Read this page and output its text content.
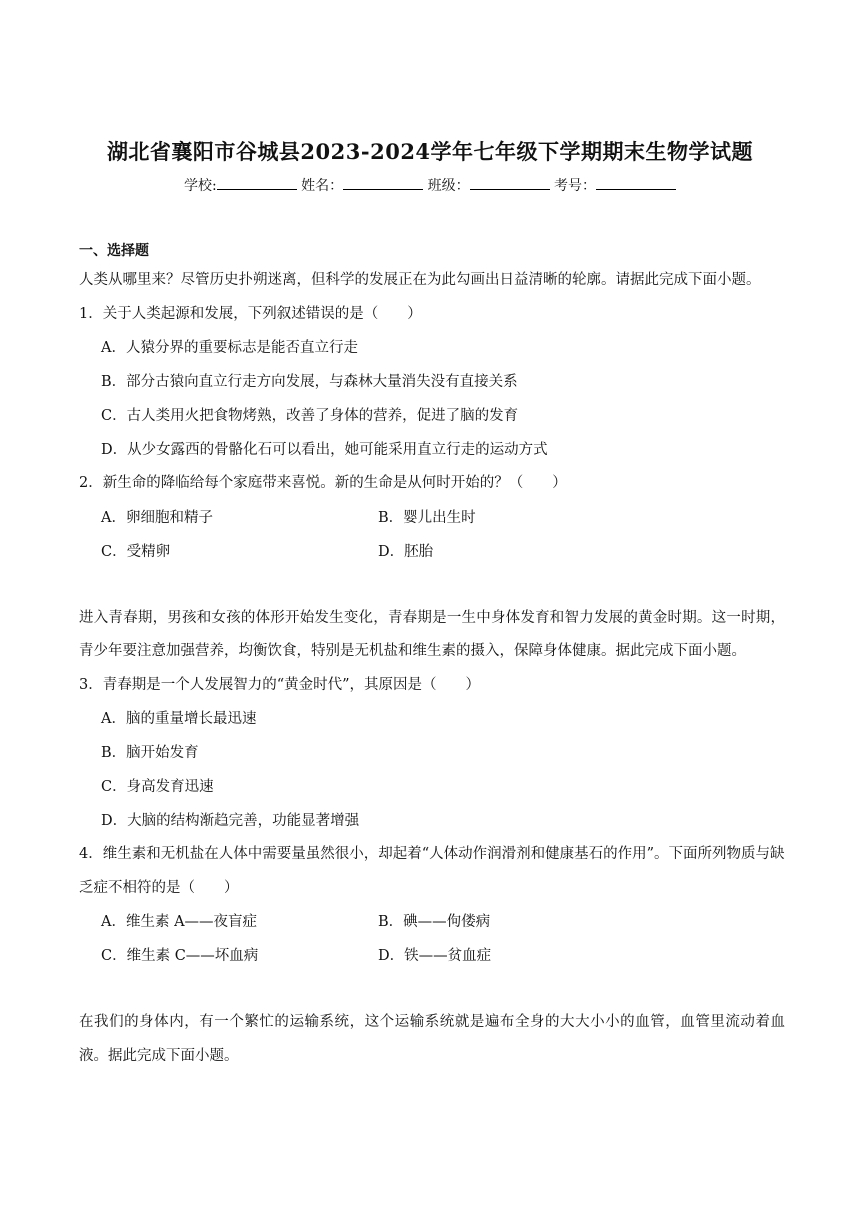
湖北省襄阳市谷城县2023-2024学年七年级下学期期末生物学试题
学校:	姓名：	班级：	考号：
一、选择题

人类从哪里来？尽管历史扑朔迷离，但科学的发展正在为此勾画出日益清晰的轮廓。请据此完成下面小题。

1．关于人类起源和发展，下列叙述错误的是（　　）

A．人猿分界的重要标志是能否直立行走

B．部分古猿向直立行走方向发展，与森林大量消失没有直接关系

C．古人类用火把食物烤熟，改善了身体的营养，促进了脑的发育

D．从少女露西的骨骼化石可以看出，她可能采用直立行走的运动方式

2．新生命的降临给每个家庭带来喜悦。新的生命是从何时开始的？（　　）

A．卵细胞和精子	B．婴儿出生时
C．受精卵	D．胚胎

进入青春期，男孩和女孩的体形开始发生变化，青春期是一生中身体发育和智力发展的黄金时期。这一时期，青少年要注意加强营养，均衡饮食，特别是无机盐和维生素的摄入，保障身体健康。据此完成下面小题。

3．青春期是一个人发展智力的“黄金时代”，其原因是（　　）

A．脑的重量增长最迅速

B．脑开始发育

C．身高发育迅速

D．大脑的结构渐趋完善，功能显著增强

4．维生素和无机盐在人体中需要量虽然很小，却起着“人体动作润滑剂和健康基石的作用”。下面所列物质与缺乏症不相符的是（　　）

A．维生素 A——夜盲症	B．碘——佝偻病
C．维生素 C——坏血病	D．铁——贫血症

在我们的身体内，有一个繁忙的运输系统，这个运输系统就是遍布全身的大大小小的血管，血管里流动着血液。据此完成下面小题。
